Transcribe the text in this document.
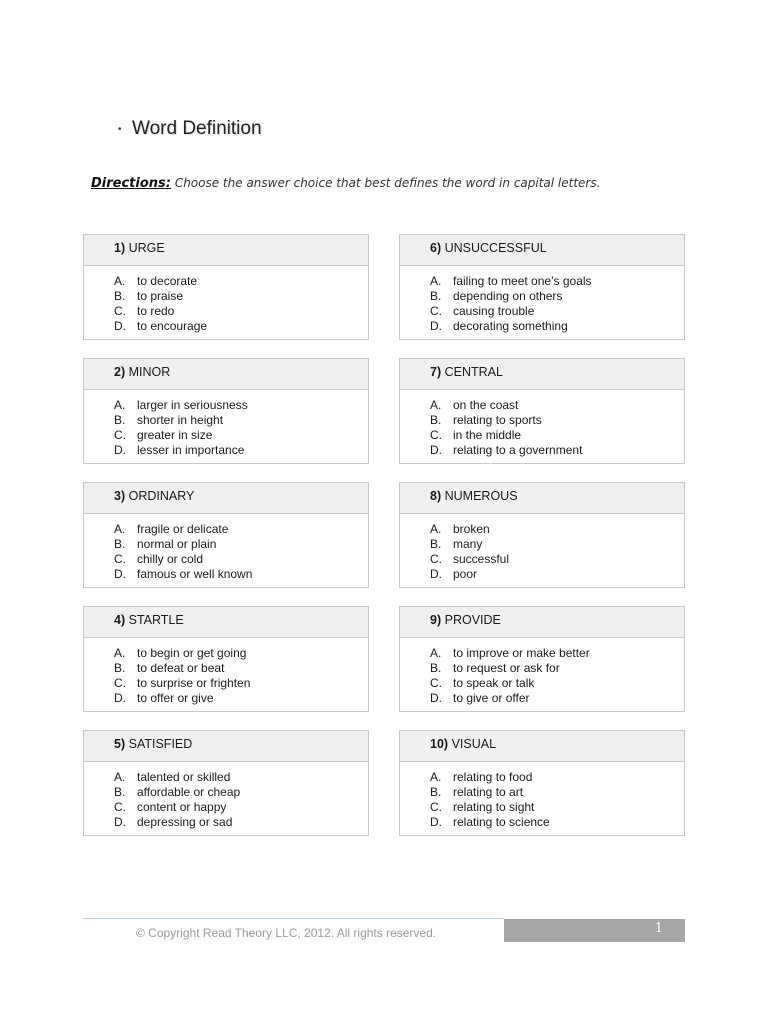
• Word Definition
Directions: Choose the answer choice that best defines the word in capital letters.
1) URGE
A. to decorate
B. to praise
C. to redo
D. to encourage
2) MINOR
A. larger in seriousness
B. shorter in height
C. greater in size
D. lesser in importance
3) ORDINARY
A. fragile or delicate
B. normal or plain
C. chilly or cold
D. famous or well known
4) STARTLE
A. to begin or get going
B. to defeat or beat
C. to surprise or frighten
D. to offer or give
5) SATISFIED
A. talented or skilled
B. affordable or cheap
C. content or happy
D. depressing or sad
6) UNSUCCESSFUL
A. failing to meet one’s goals
B. depending on others
C. causing trouble
D. decorating something
7) CENTRAL
A. on the coast
B. relating to sports
C. in the middle
D. relating to a government
8) NUMEROUS
A. broken
B. many
C. successful
D. poor
9) PROVIDE
A. to improve or make better
B. to request or ask for
C. to speak or talk
D. to give or offer
10) VISUAL
A. relating to food
B. relating to art
C. relating to sight
D. relating to science
© Copyright Read Theory LLC, 2012. All rights reserved.	1
